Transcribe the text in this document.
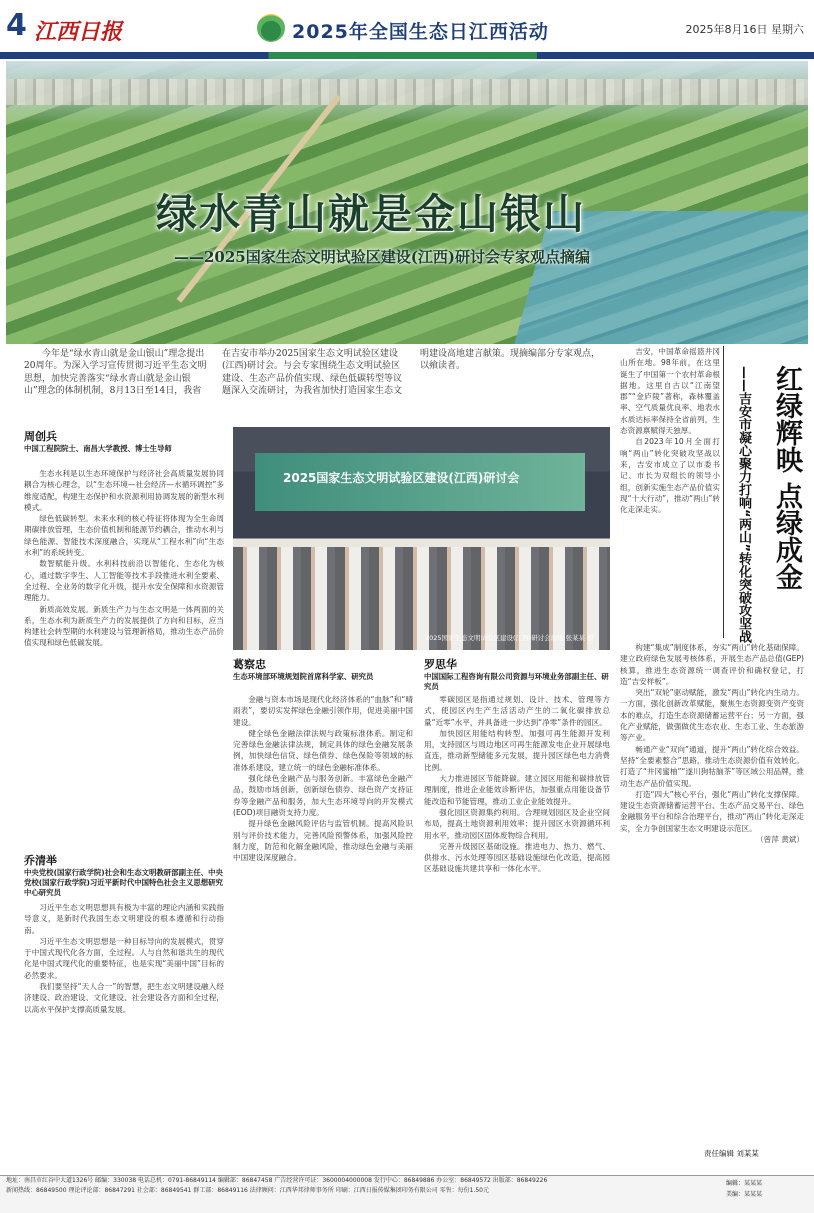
4 江西日报	2025年全国生态日江西活动	2025年8月16日 星期六
绿水青山就是金山银山
——2025国家生态文明试验区建设(江西)研讨会专家观点摘编
今年是“绿水青山就是金山银山”理念提出20周年。为深入学习宣传贯彻习近平生态文明思想，加快完善落实“绿水青山就是金山银山”理念的体制机制，8月13日至14日，我省在吉安市举办2025国家生态文明试验区建设(江西)研讨会。与会专家围绕生态文明试验区建设、生态产品价值实现、绿色低碳转型等议题深入交流研讨，为我省加快打造国家生态文明建设高地建言献策。现摘编部分专家观点，以飨读者。
周创兵
中国工程院院士、南昌大学教授、博士生导师

生态水利是以生态环境保护与经济社会高质量发展协同耦合为核心理念，以“生态环境—社会经济—水循环调控”多维度适配，构建生态保护和水资源利用协调发展的新型水利模式。

绿色低碳转型。未来水利的核心特征将体现为全生命周期碳排放管理，生态价值机制和能源节约耦合，推动水利与绿色能源、智能技术深度融合，实现从“工程水利”向“生态水利”的系统转变。

数智赋能升级。水利科技前沿以智能化、生态化为核心，通过数字孪生、人工智能等技术手段推进水利全要素、全过程、全业务的数字化升级，提升水安全保障和水资源管理能力。

新质高效发展。新质生产力与生态文明是一体两面的关系，生态水利为新质生产力的发展提供了方向和目标，应当构建社会转型期的水利建设与管理新格局，推动生态产品价值实现和绿色低碳发展。

乔清举
中央党校(国家行政学院)社会和生态文明教研部副主任、中央党校(国家行政学院)习近平新时代中国特色社会主义思想研究中心研究员

习近平生态文明思想具有极为丰富的理论内涵和实践指导意义，是新时代我国生态文明建设的根本遵循和行动指南。

习近平生态文明思想是一种目标导向的发展模式，贯穿于中国式现代化各方面，全过程。人与自然和谐共生的现代化是中国式现代化的重要特征，也是实现“美丽中国”目标的必然要求。

我们要坚持“天人合一”的智慧，把生态文明建设融入经济建设、政治建设、文化建设、社会建设各方面和全过程，以高水平保护支撑高质量发展。

2025国家生态文明试验区建设(江西)研讨会
2025国家生态文明试验区建设(江西)研讨会现场 张某某 摄
葛察忠
生态环境部环境规划院首席科学家、研究员

金融与资本市场是现代化经济体系的“血脉”和“晴雨表”，要切实发挥绿色金融引领作用，促进美丽中国建设。

健全绿色金融法律法规与政策标准体系。制定和完善绿色金融法律法规，制定具体的绿色金融发展条例，加快绿色信贷、绿色债券、绿色保险等领域的标准体系建设，建立统一的绿色金融标准体系。

强化绿色金融产品与服务创新。丰富绿色金融产品，鼓励市场创新，创新绿色债券、绿色资产支持证券等金融产品和服务，加大生态环境导向的开发模式(EOD)项目融资支持力度。

提升绿色金融风险评估与监管机制。提高风险识别与评价技术能力，完善风险预警体系，加强风险控制力度，防范和化解金融风险，推动绿色金融与美丽中国建设深度融合。

罗思华
中国国际工程咨询有限公司资源与环境业务部副主任、研究员

零碳园区是指通过规划、设计、技术、管理等方式，使园区内生产生活活动产生的二氧化碳排放总量“近零”水平，并具备进一步达到“净零”条件的园区。

加快园区用能结构转型。加强可再生能源开发利用，支持园区与周边地区可再生能源发电企业开展绿电直连，推动新型储能多元发展，提升园区绿色电力消费比例。

大力推进园区节能降碳。建立园区用能和碳排放管理制度，推进企业能效诊断评估，加强重点用能设备节能改造和节能管理，推动工业企业能效提升。

强化园区资源集约利用。合理规划园区及企业空间布局，提高土地资源利用效率；提升园区水资源循环利用水平，推动园区固体废物综合利用。

完善升级园区基础设施。推进电力、热力、燃气、供排水、污水处理等园区基础设施绿色化改造，提高园区基础设施共建共享和一体化水平。

红绿辉映 点绿成金
——吉安市凝心聚力打响“两山”转化突破攻坚战

吉安，中国革命摇篮井冈山所在地。98年前，在这里诞生了中国第一个农村革命根据地。这里自古以“江南望郡”“金庐陵”著称，森林覆盖率、空气质量优良率、地表水水质达标率保持全省前列，生态资源禀赋得天独厚。

自2023年10月全面打响“两山”转化突破攻坚战以来，吉安市成立了以市委书记、市长为双组长的领导小组，创新实施生态产品价值实现“十大行动”，推动“两山”转化走深走实。

构建“集成”制度体系，夯实“两山”转化基础保障。建立政府绿色发展考核体系，开展生态产品总值(GEP)核算，推进生态资源统一调查评价和确权登记，打造“吉安样板”。

突出“双轮”驱动赋能，激发“两山”转化内生动力。一方面，强化创新改革赋能，聚焦生态资源变资产变资本的难点，打造生态资源储蓄运营平台；另一方面，强化产业赋能，做强做优生态农业、生态工业、生态旅游等产业。

畅通产业“双向”通道，提升“两山”转化综合效益。坚持“全要素整合”思路，推动生态资源价值有效转化。打造了“井冈蜜柚”“遂川狗牯脑茶”等区域公用品牌，推动生态产品价值实现。

打造“四大”核心平台，强化“两山”转化支撑保障。建设生态资源储蓄运营平台、生态产品交易平台、绿色金融服务平台和综合治理平台，推动“两山”转化走深走实，全力争创国家生态文明建设示范区。

（曾萍 黄斌）

责任编辑 刘某某
地址：南昌市红谷中大道1326号 邮编：330038 电话总机：0791-86849114 编辑部：86847458 广告经营许可证：3600004000008 发行中心：86849886 办公室：86849572 出版部：86849226
新闻热线：86849500 理论评论部：86847291 社会部：86849541 群工部：86849116 法律顾问：江西华邦律师事务所 印刷：江西日报传媒集团印务有限公司 零售：每份1.50元
编辑：某某某
美编：某某某
